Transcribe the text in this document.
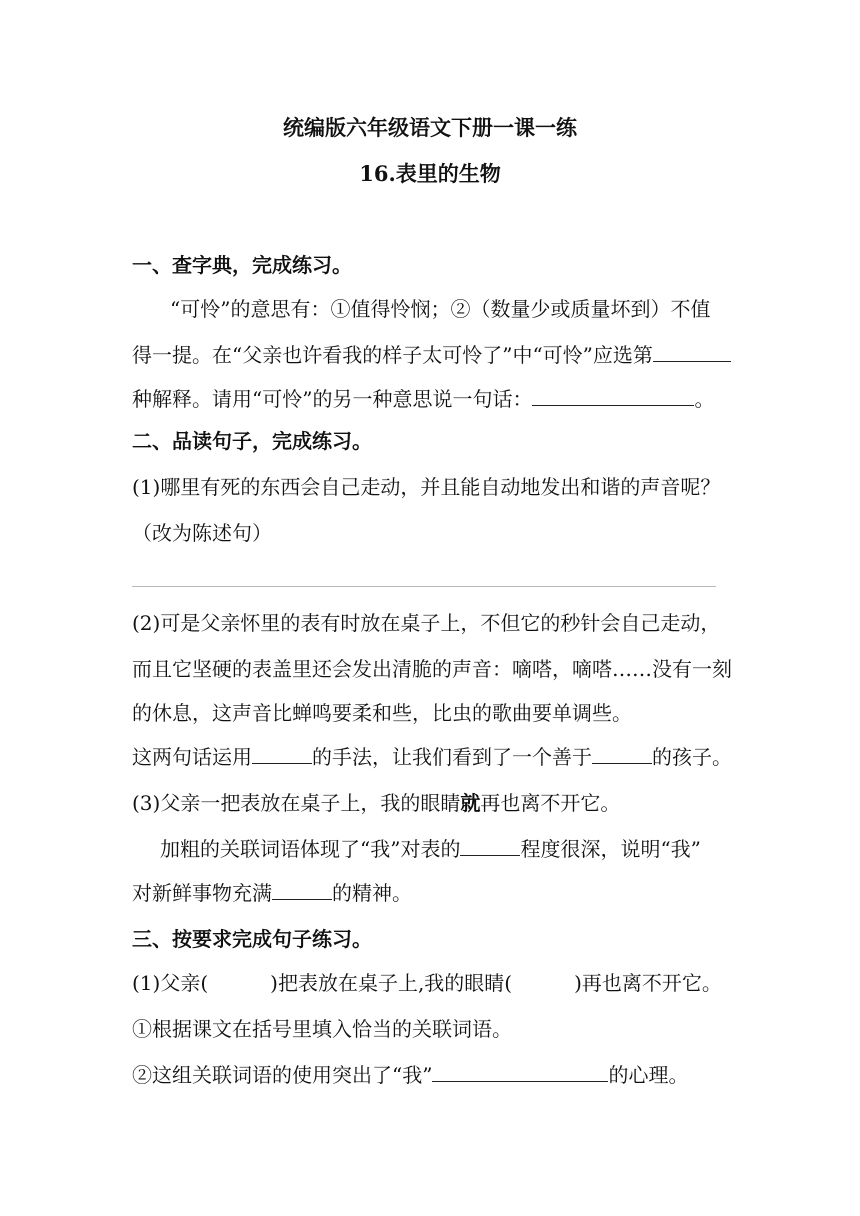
统编版六年级语文下册一课一练
16.表里的生物
一、查字典，完成练习。
“可怜”的意思有：①值得怜悯；②（数量少或质量坏到）不值
得一提。在“父亲也许看我的样子太可怜了”中“可怜”应选第
种解释。请用“可怜”的另一种意思说一句话：	。
二、品读句子，完成练习。
(1)哪里有死的东西会自己走动，并且能自动地发出和谐的声音呢？
（改为陈述句）
(2)可是父亲怀里的表有时放在桌子上，不但它的秒针会自己走动，
而且它坚硬的表盖里还会发出清脆的声音：嘀嗒，嘀嗒……没有一刻
的休息，这声音比蝉鸣要柔和些，比虫的歌曲要单调些。
这两句话运用	的手法，让我们看到了一个善于	的孩子。
(3)父亲一把表放在桌子上，我的眼睛就再也离不开它。
加粗的关联词语体现了“我”对表的	程度很深，说明“我”
对新鲜事物充满	的精神。
三、按要求完成句子练习。
(1)父亲(	)把表放在桌子上,我的眼睛(	)再也离不开它。
①根据课文在括号里填入恰当的关联词语。
②这组关联词语的使用突出了“我”	的心理。
